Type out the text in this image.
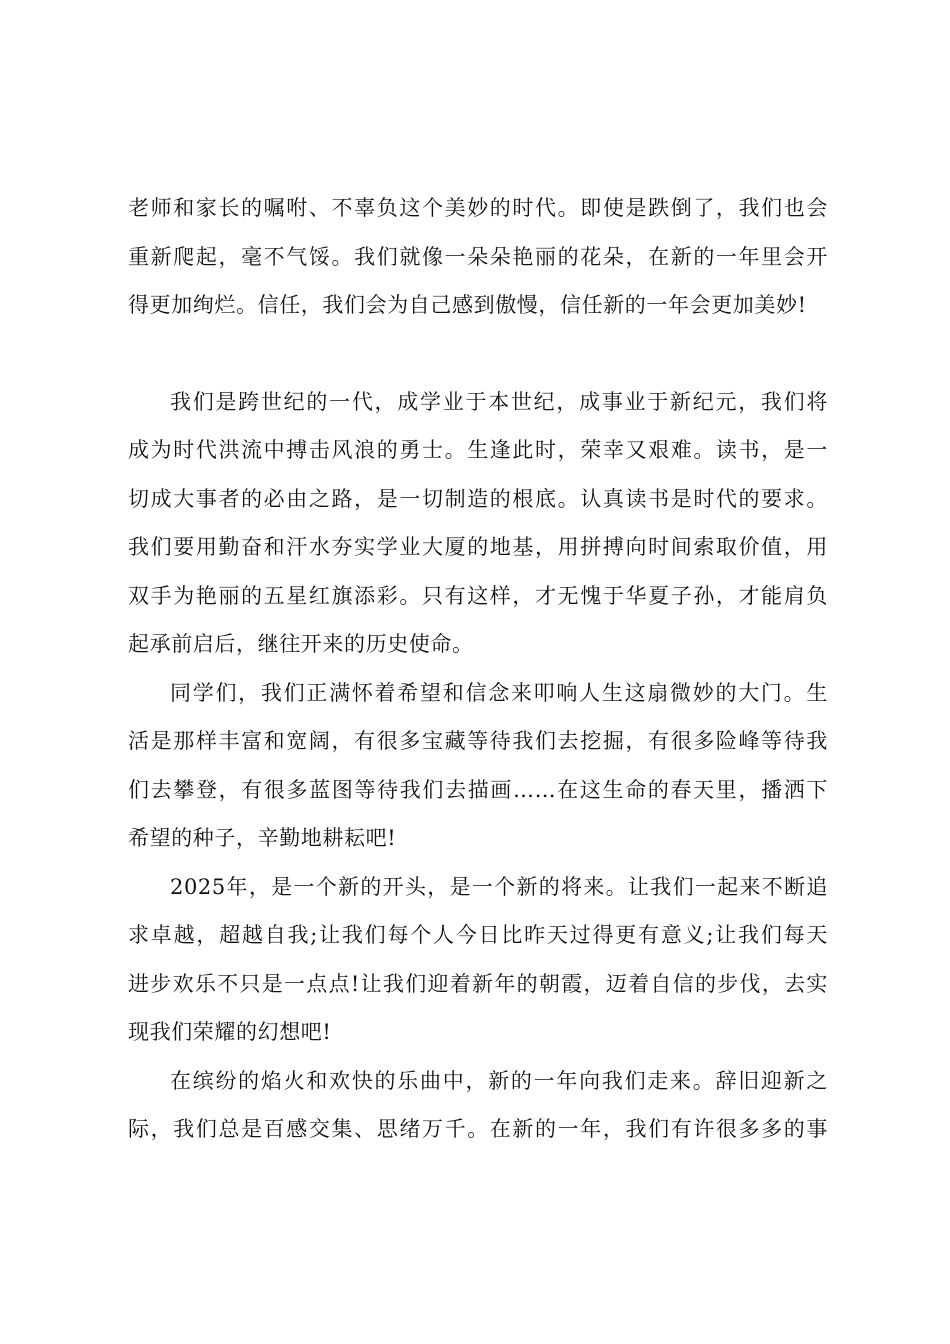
老师和家长的嘱咐、不辜负这个美妙的时代。即使是跌倒了，我们也会
重新爬起，毫不气馁。我们就像一朵朵艳丽的花朵，在新的一年里会开
得更加绚烂。信任，我们会为自己感到傲慢，信任新的一年会更加美妙!

我们是跨世纪的一代，成学业于本世纪，成事业于新纪元，我们将
成为时代洪流中搏击风浪的勇士。生逢此时，荣幸又艰难。读书，是一
切成大事者的必由之路，是一切制造的根底。认真读书是时代的要求。
我们要用勤奋和汗水夯实学业大厦的地基，用拼搏向时间索取价值，用
双手为艳丽的五星红旗添彩。只有这样，才无愧于华夏子孙，才能肩负
起承前启后，继往开来的历史使命。

同学们，我们正满怀着希望和信念来叩响人生这扇微妙的大门。生
活是那样丰富和宽阔，有很多宝藏等待我们去挖掘，有很多险峰等待我
们去攀登，有很多蓝图等待我们去描画……在这生命的春天里，播洒下
希望的种子，辛勤地耕耘吧!

2025年，是一个新的开头，是一个新的将来。让我们一起来不断追
求卓越，超越自我;让我们每个人今日比昨天过得更有意义;让我们每天
进步欢乐不只是一点点!让我们迎着新年的朝霞，迈着自信的步伐，去实
现我们荣耀的幻想吧!

在缤纷的焰火和欢快的乐曲中，新的一年向我们走来。辞旧迎新之
际，我们总是百感交集、思绪万千。在新的一年，我们有许很多多的事
